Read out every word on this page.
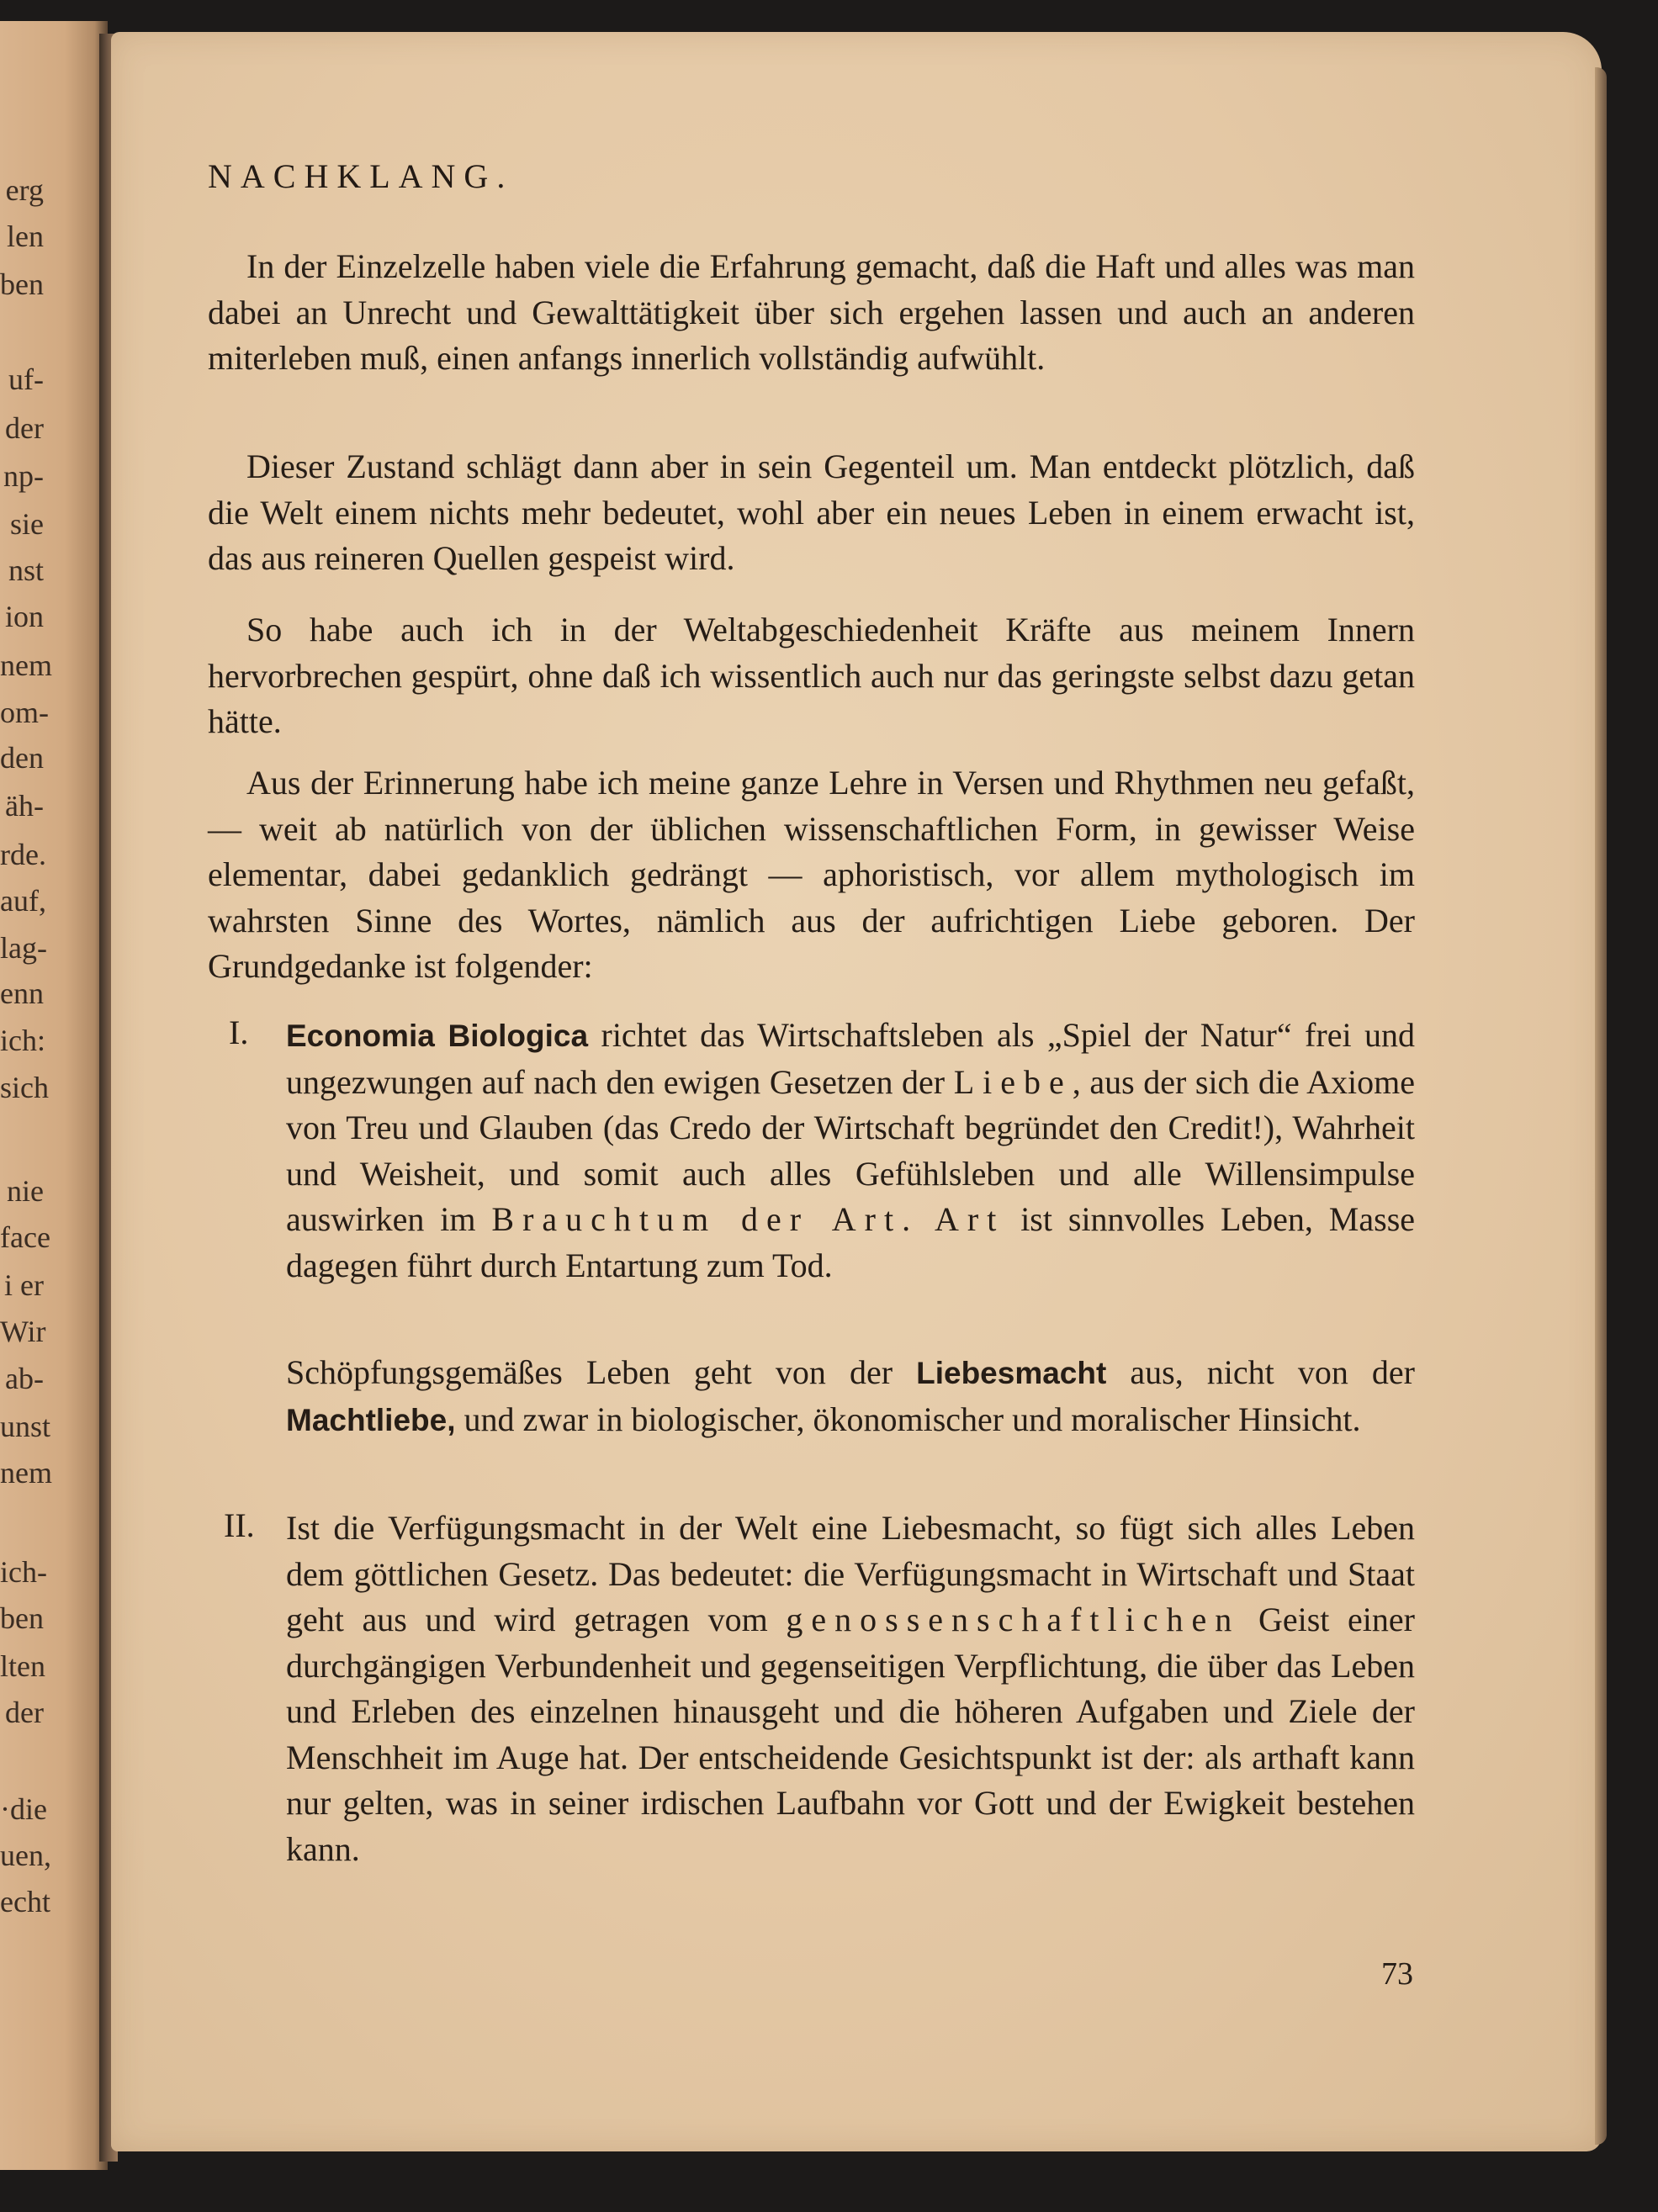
erg
len
ben
uf-
der
np-
sie
nst
ion
nem
om-
den
äh-
rde.
auf,
lag-
enn
ich:
sich
nie
face
i er
Wir
ab-
unst
nem
ich-
ben
lten
der
·die
uen,
echt
NACHKLANG.

In der Einzelzelle haben viele die Erfahrung gemacht, daß die Haft und alles was man dabei an Unrecht und Gewalttätigkeit über sich ergehen lassen und auch an anderen miterleben muß, einen anfangs innerlich vollständig aufwühlt.

Dieser Zustand schlägt dann aber in sein Gegenteil um. Man entdeckt plötzlich, daß die Welt einem nichts mehr bedeutet, wohl aber ein neues Leben in einem erwacht ist, das aus reineren Quellen gespeist wird.

So habe auch ich in der Weltabgeschiedenheit Kräfte aus meinem Innern hervorbrechen gespürt, ohne daß ich wissentlich auch nur das geringste selbst dazu getan hätte.

Aus der Erinnerung habe ich meine ganze Lehre in Versen und Rhythmen neu gefaßt, — weit ab natürlich von der üblichen wissenschaftlichen Form, in gewisser Weise elementar, dabei gedanklich gedrängt — aphoristisch, vor allem mythologisch im wahrsten Sinne des Wortes, nämlich aus der aufrichtigen Liebe geboren. Der Grundgedanke ist folgender:

I. Economia Biologica richtet das Wirtschaftsleben als „Spiel der Natur“ frei und ungezwungen auf nach den ewigen Gesetzen der Liebe, aus der sich die Axiome von Treu und Glauben (das Credo der Wirtschaft begründet den Credit!), Wahrheit und Weisheit, und somit auch alles Gefühlsleben und alle Willensimpulse auswirken im Brauchtum der Art. Art ist sinnvolles Leben, Masse dagegen führt durch Entartung zum Tod.

Schöpfungsgemäßes Leben geht von der Liebesmacht aus, nicht von der Machtliebe, und zwar in biologischer, ökonomischer und moralischer Hinsicht.

II. Ist die Verfügungsmacht in der Welt eine Liebesmacht, so fügt sich alles Leben dem göttlichen Gesetz. Das bedeutet: die Verfügungsmacht in Wirtschaft und Staat geht aus und wird getragen vom genossenschaftlichen Geist einer durchgängigen Verbundenheit und gegenseitigen Verpflichtung, die über das Leben und Erleben des einzelnen hinausgeht und die höheren Aufgaben und Ziele der Menschheit im Auge hat. Der entscheidende Gesichtspunkt ist der: als arthaft kann nur gelten, was in seiner irdischen Laufbahn vor Gott und der Ewigkeit bestehen kann.

73
